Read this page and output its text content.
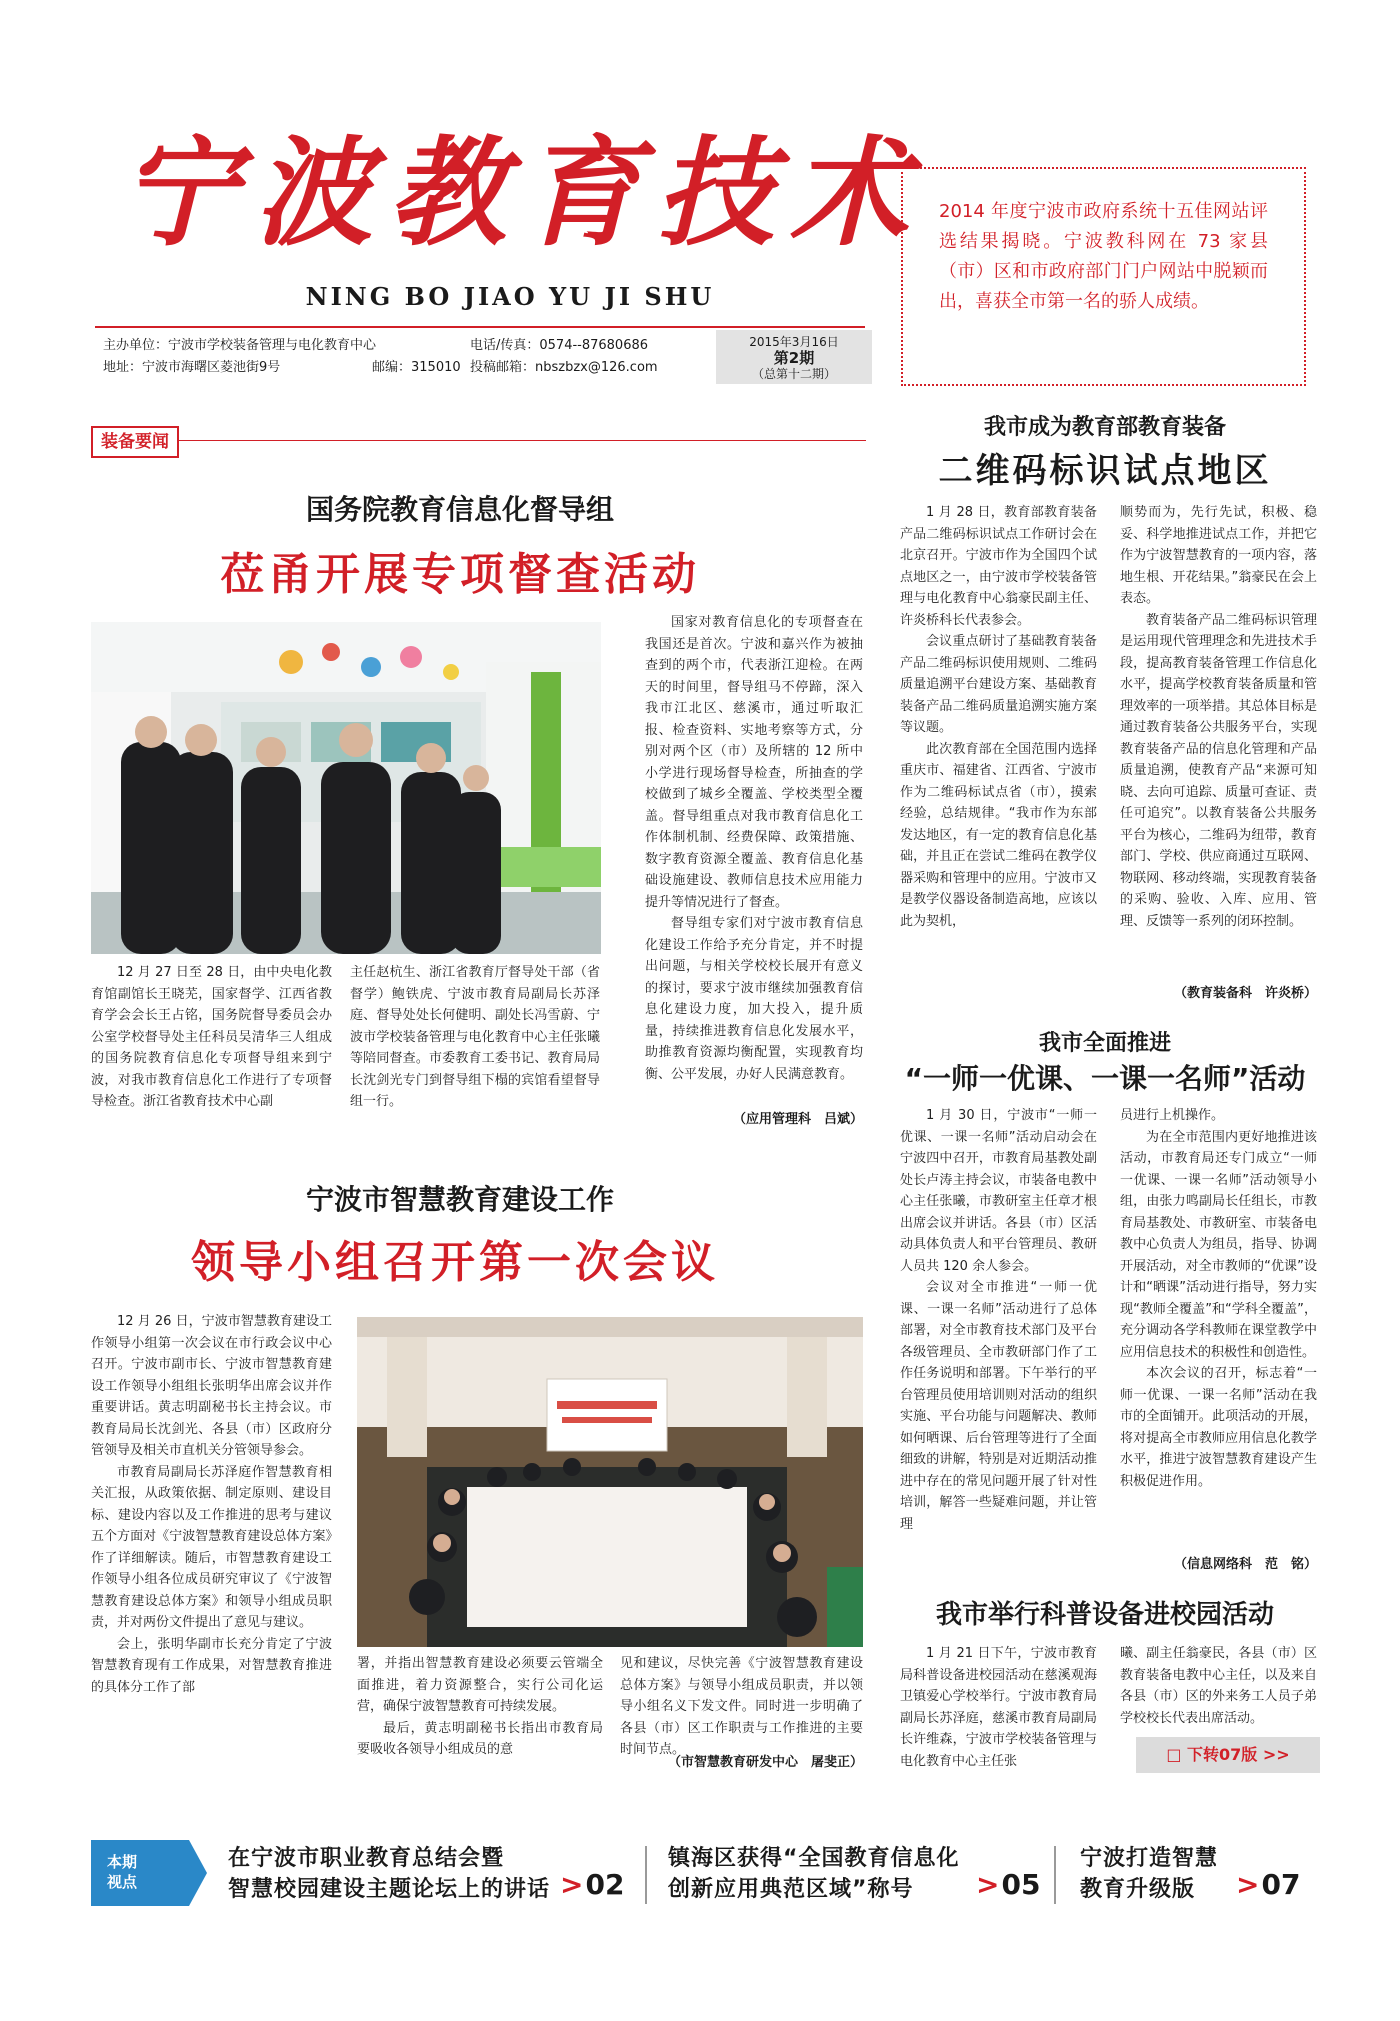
宁波教育技术
NING BO JIAO YU JI SHU
主办单位：宁波市学校装备管理与电化教育中心
地址：宁波市海曙区菱池街9号	邮编：315010
电话/传真：0574--87680686
投稿邮箱：nbszbzx@126.com
2015年3月16日
第2期
（总第十二期）
2014 年度宁波市政府系统十五佳网站评选结果揭晓。宁波教科网在 73 家县（市）区和市政府部门门户网站中脱颖而出，喜获全市第一名的骄人成绩。
装备要闻
国务院教育信息化督导组
莅甬开展专项督查活动

国家对教育信息化的专项督查在我国还是首次。宁波和嘉兴作为被抽查到的两个市，代表浙江迎检。在两天的时间里，督导组马不停蹄，深入我市江北区、慈溪市，通过听取汇报、检查资料、实地考察等方式，分别对两个区（市）及所辖的 12 所中小学进行现场督导检查，所抽查的学校做到了城乡全覆盖、学校类型全覆盖。督导组重点对我市教育信息化工作体制机制、经费保障、政策措施、数字教育资源全覆盖、教育信息化基础设施建设、教师信息技术应用能力提升等情况进行了督查。

督导组专家们对宁波市教育信息化建设工作给予充分肯定，并不时提出问题，与相关学校校长展开有意义的探讨，要求宁波市继续加强教育信息化建设力度，加大投入，提升质量，持续推进教育信息化发展水平，助推教育资源均衡配置，实现教育均衡、公平发展，办好人民满意教育。

12 月 27 日至 28 日，由中央电化教育馆副馆长王晓芜，国家督学、江西省教育学会会长王占铭，国务院督导委员会办公室学校督导处主任科员吴清华三人组成的国务院教育信息化专项督导组来到宁波，对我市教育信息化工作进行了专项督导检查。浙江省教育技术中心副

主任赵杭生、浙江省教育厅督导处干部（省督学）鲍铁虎、宁波市教育局副局长苏泽庭、督导处处长何健明、副处长冯雪蔚、宁波市学校装备管理与电化教育中心主任张曦等陪同督查。市委教育工委书记、教育局局长沈剑光专门到督导组下榻的宾馆看望督导组一行。

（应用管理科　吕斌）
宁波市智慧教育建设工作
领导小组召开第一次会议

12 月 26 日，宁波市智慧教育建设工作领导小组第一次会议在市行政会议中心召开。宁波市副市长、宁波市智慧教育建设工作领导小组组长张明华出席会议并作重要讲话。黄志明副秘书长主持会议。市教育局局长沈剑光、各县（市）区政府分管领导及相关市直机关分管领导参会。

市教育局副局长苏泽庭作智慧教育相关汇报，从政策依据、制定原则、建设目标、建设内容以及工作推进的思考与建议五个方面对《宁波智慧教育建设总体方案》作了详细解读。随后，市智慧教育建设工作领导小组各位成员研究审议了《宁波智慧教育建设总体方案》和领导小组成员职责，并对两份文件提出了意见与建议。

会上，张明华副市长充分肯定了宁波智慧教育现有工作成果，对智慧教育推进的具体分工作了部

署，并指出智慧教育建设必须要云管端全面推进，着力资源整合，实行公司化运营，确保宁波智慧教育可持续发展。

最后，黄志明副秘书长指出市教育局要吸收各领导小组成员的意

见和建议，尽快完善《宁波智慧教育建设总体方案》与领导小组成员职责，并以领导小组名义下发文件。同时进一步明确了各县（市）区工作职责与工作推进的主要时间节点。

（市智慧教育研发中心　屠斐正）
我市成为教育部教育装备
二维码标识试点地区

1 月 28 日，教育部教育装备产品二维码标识试点工作研讨会在北京召开。宁波市作为全国四个试点地区之一，由宁波市学校装备管理与电化教育中心翁豪民副主任、许炎桥科长代表参会。

会议重点研讨了基础教育装备产品二维码标识使用规则、二维码质量追溯平台建设方案、基础教育装备产品二维码质量追溯实施方案等议题。

此次教育部在全国范围内选择重庆市、福建省、江西省、宁波市作为二维码标试点省（市），摸索经验，总结规律。“我市作为东部发达地区，有一定的教育信息化基础，并且正在尝试二维码在教学仪器采购和管理中的应用。宁波市又是教学仪器设备制造高地，应该以此为契机，

顺势而为，先行先试，积极、稳妥、科学地推进试点工作，并把它作为宁波智慧教育的一项内容，落地生根、开花结果。”翁豪民在会上表态。

教育装备产品二维码标识管理是运用现代管理理念和先进技术手段，提高教育装备管理工作信息化水平，提高学校教育装备质量和管理效率的一项举措。其总体目标是通过教育装备公共服务平台，实现教育装备产品的信息化管理和产品质量追溯，使教育产品“来源可知晓、去向可追踪、质量可查证、责任可追究”。以教育装备公共服务平台为核心，二维码为纽带，教育部门、学校、供应商通过互联网、物联网、移动终端，实现教育装备的采购、验收、入库、应用、管理、反馈等一系列的闭环控制。

（教育装备科　许炎桥）
我市全面推进
“一师一优课、一课一名师”活动

1 月 30 日，宁波市“一师一优课、一课一名师”活动启动会在宁波四中召开，市教育局基教处副处长卢涛主持会议，市装备电教中心主任张曦，市教研室主任章才根出席会议并讲话。各县（市）区活动具体负责人和平台管理员、教研人员共 120 余人参会。

会议对全市推进“一师一优课、一课一名师”活动进行了总体部署，对全市教育技术部门及平台各级管理员、全市教研部门作了工作任务说明和部署。下午举行的平台管理员使用培训则对活动的组织实施、平台功能与问题解决、教师如何晒课、后台管理等进行了全面细致的讲解，特别是对近期活动推进中存在的常见问题开展了针对性培训，解答一些疑难问题，并让管理

员进行上机操作。

为在全市范围内更好地推进该活动，市教育局还专门成立“一师一优课、一课一名师”活动领导小组，由张力鸣副局长任组长，市教育局基教处、市教研室、市装备电教中心负责人为组员，指导、协调开展活动，对全市教师的“优课”设计和“晒课”活动进行指导，努力实现“教师全覆盖”和“学科全覆盖”，充分调动各学科教师在课堂教学中应用信息技术的积极性和创造性。

本次会议的召开，标志着“一师一优课、一课一名师”活动在我市的全面铺开。此项活动的开展，将对提高全市教师应用信息化教学水平，推进宁波智慧教育建设产生积极促进作用。

（信息网络科　范　铭）
我市举行科普设备进校园活动

1 月 21 日下午，宁波市教育局科普设备进校园活动在慈溪观海卫镇爱心学校举行。宁波市教育局副局长苏泽庭，慈溪市教育局副局长许维森，宁波市学校装备管理与电化教育中心主任张

曦、副主任翁豪民，各县（市）区教育装备电教中心主任，以及来自各县（市）区的外来务工人员子弟学校校长代表出席活动。

□ 下转07版 >>
本期
视点
在宁波市职业教育总结会暨
智慧校园建设主题论坛上的讲话 >02
镇海区获得“全国教育信息化
创新应用典范区域”称号	>05
宁波打造智慧
教育升级版	>07
